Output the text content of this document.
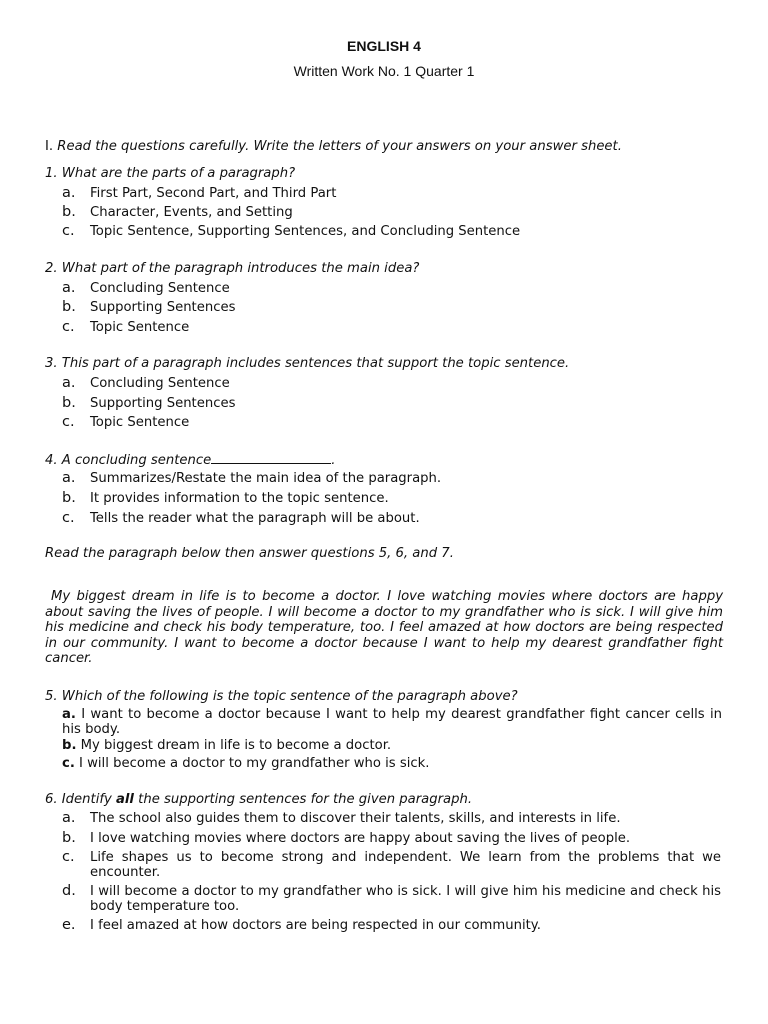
ENGLISH 4
Written Work No. 1 Quarter 1
I. Read the questions carefully. Write the letters of your answers on your answer sheet.
1. What are the parts of a paragraph?
a. First Part, Second Part, and Third Part
b. Character, Events, and Setting
c. Topic Sentence, Supporting Sentences, and Concluding Sentence
2. What part of the paragraph introduces the main idea?
a. Concluding Sentence
b. Supporting Sentences
c. Topic Sentence
3. This part of a paragraph includes sentences that support the topic sentence.
a. Concluding Sentence
b. Supporting Sentences
c. Topic Sentence
4. A concluding sentence	.
a. Summarizes/Restate the main idea of the paragraph.
b. It provides information to the topic sentence.
c. Tells the reader what the paragraph will be about.
Read the paragraph below then answer questions 5, 6, and 7.
My biggest dream in life is to become a doctor. I love watching movies where doctors are happy about saving the lives of people. I will become a doctor to my grandfather who is sick. I will give him his medicine and check his body temperature, too. I feel amazed at how doctors are being respected in our community. I want to become a doctor because I want to help my dearest grandfather fight cancer.
5. Which of the following is the topic sentence of the paragraph above?
a. I want to become a doctor because I want to help my dearest grandfather fight cancer cells in his body.
b. My biggest dream in life is to become a doctor.
c. I will become a doctor to my grandfather who is sick.
6. Identify all the supporting sentences for the given paragraph.
a. The school also guides them to discover their talents, skills, and interests in life.
b. I love watching movies where doctors are happy about saving the lives of people.
c. Life shapes us to become strong and independent. We learn from the problems that we encounter.
d. I will become a doctor to my grandfather who is sick. I will give him his medicine and check his body temperature too.
e. I feel amazed at how doctors are being respected in our community.
